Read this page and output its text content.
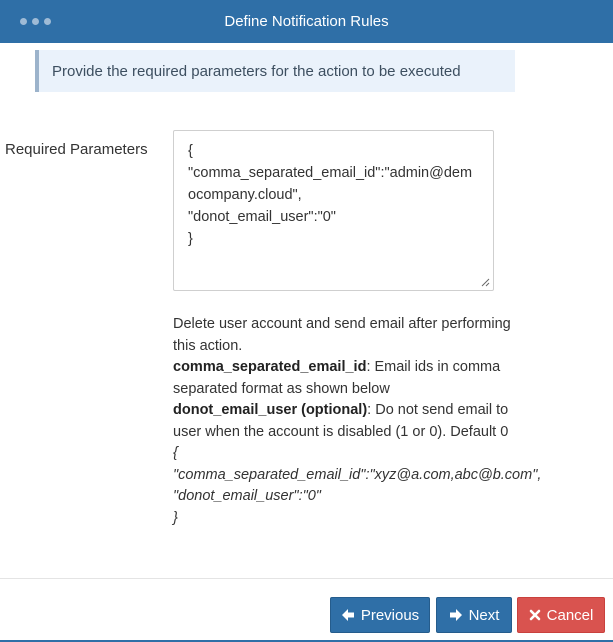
Define Notification Rules
Provide the required parameters for the action to be executed
Required Parameters	{
"comma_separated_email_id":"admin@democompany.cloud",
"donot_email_user":"0"
}
Delete user account and send email after performing this action.
comma_separated_email_id: Email ids in comma separated format as shown below
donot_email_user (optional): Do not send email to user when the account is disabled (1 or 0). Default 0
{
"comma_separated_email_id":"xyz@a.com,abc@b.com",
"donot_email_user":"0"
}
Previous	Next	Cancel
